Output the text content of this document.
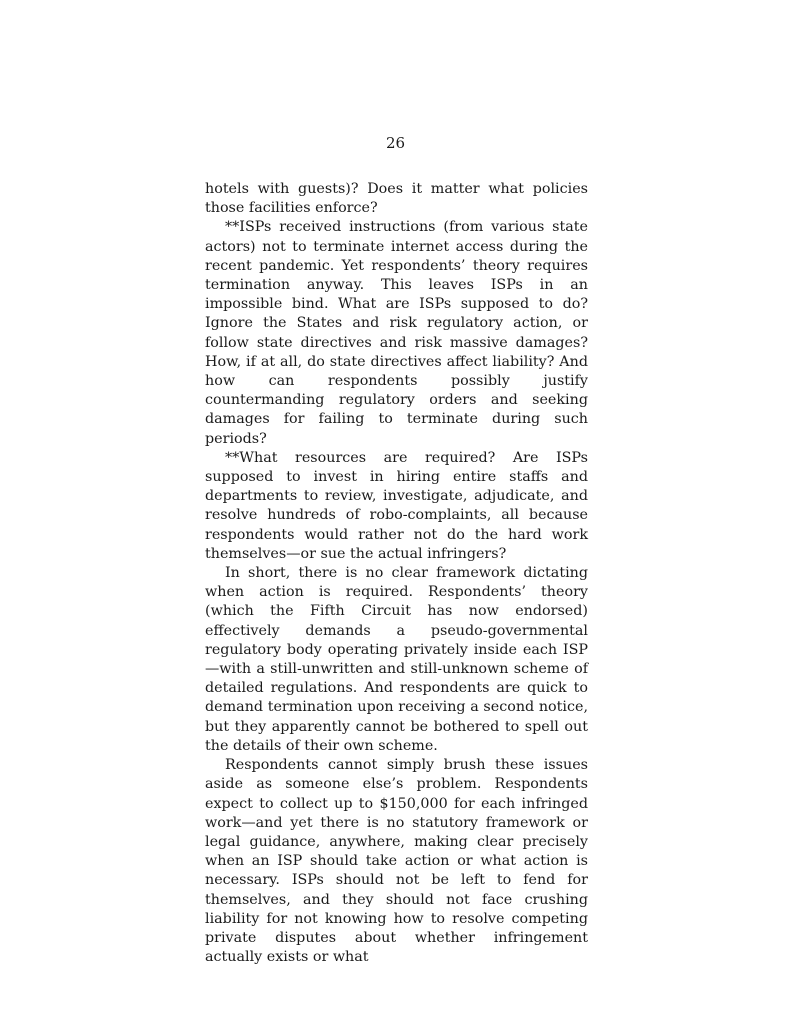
26

hotels with guests)? Does it matter what policies those facilities enforce?

**ISPs received instructions (from various state actors) not to terminate internet access during the recent pandemic. Yet respondents’ theory requires termination anyway. This leaves ISPs in an impossible bind. What are ISPs supposed to do? Ignore the States and risk regulatory action, or follow state directives and risk massive damages? How, if at all, do state directives affect liability? And how can respondents possibly justify countermanding regulatory orders and seeking damages for failing to terminate during such periods?

**What resources are required? Are ISPs supposed to invest in hiring entire staffs and departments to review, investigate, adjudicate, and resolve hundreds of robo-complaints, all because respondents would rather not do the hard work themselves—or sue the actual infringers?

In short, there is no clear framework dictating when action is required. Respondents’ theory (which the Fifth Circuit has now endorsed) effectively demands a pseudo-governmental regulatory body operating privately inside each ISP—with a still-unwritten and still-unknown scheme of detailed regulations. And respondents are quick to demand termination upon receiving a second notice, but they apparently cannot be bothered to spell out the details of their own scheme.

Respondents cannot simply brush these issues aside as someone else’s problem. Respondents expect to collect up to $150,000 for each infringed work—and yet there is no statutory framework or legal guidance, anywhere, making clear precisely when an ISP should take action or what action is necessary. ISPs should not be left to fend for themselves, and they should not face crushing liability for not knowing how to resolve competing private disputes about whether infringement actually exists or what
